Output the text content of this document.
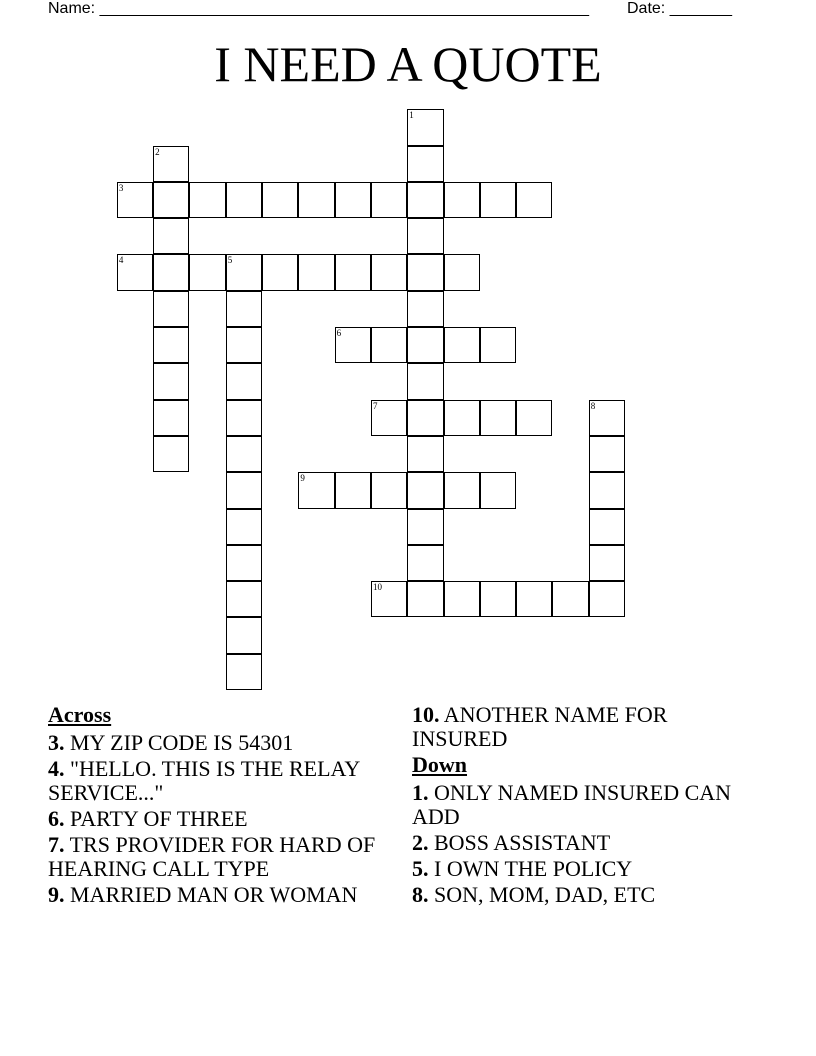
Name: _______________________________________________________ Date: _______
I NEED A QUOTE
1
2
3
4	5
6
7	8
9
10
Across
3. MY ZIP CODE IS 54301
4. "HELLO. THIS IS THE RELAY SERVICE..."
6. PARTY OF THREE
7. TRS PROVIDER FOR HARD OF HEARING CALL TYPE
9. MARRIED MAN OR WOMAN
10. ANOTHER NAME FOR INSURED
Down
1. ONLY NAMED INSURED CAN ADD
2. BOSS ASSISTANT
5. I OWN THE POLICY
8. SON, MOM, DAD, ETC
